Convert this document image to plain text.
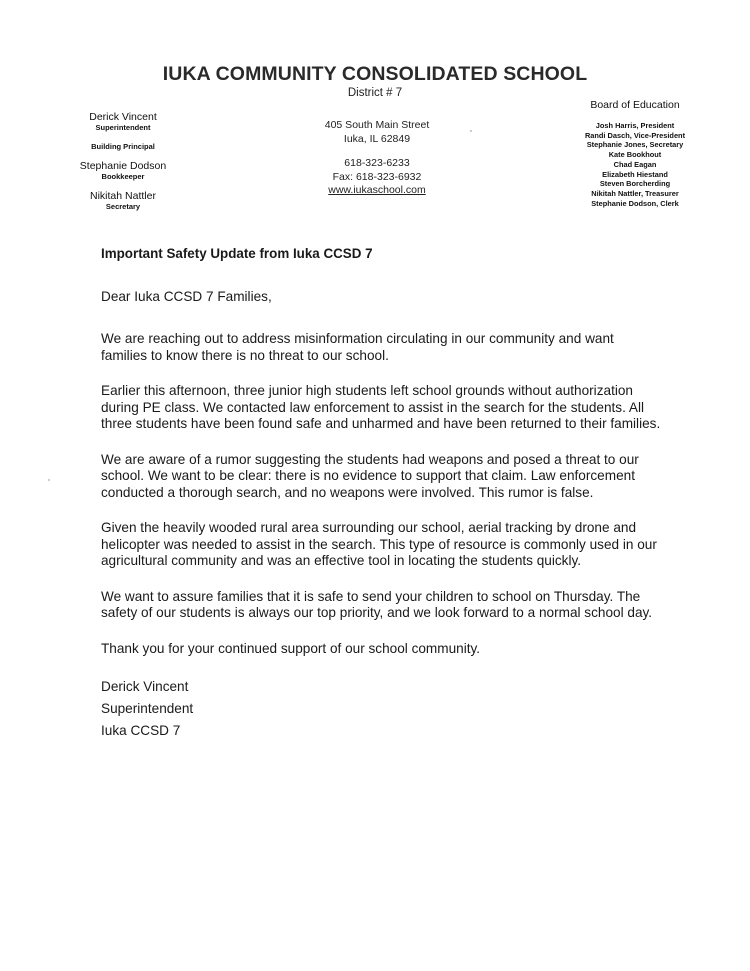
IUKA COMMUNITY CONSOLIDATED SCHOOL
District # 7
Derick Vincent
Superintendent
Building Principal
Stephanie Dodson
Bookkeeper
Nikitah Nattler
Secretary
405 South Main Street
Iuka, IL 62849
618-323-6233
Fax: 618-323-6932
www.iukaschool.com
Board of Education
Josh Harris, President
Randi Dasch, Vice-President
Stephanie Jones, Secretary
Kate Bookhout
Chad Eagan
Elizabeth Hiestand
Steven Borcherding
Nikitah Nattler, Treasurer
Stephanie Dodson, Clerk
Important Safety Update from Iuka CCSD 7

Dear Iuka CCSD 7 Families,

We are reaching out to address misinformation circulating in our community and want families to know there is no threat to our school.

Earlier this afternoon, three junior high students left school grounds without authorization during PE class. We contacted law enforcement to assist in the search for the students. All three students have been found safe and unharmed and have been returned to their families.

We are aware of a rumor suggesting the students had weapons and posed a threat to our school. We want to be clear: there is no evidence to support that claim. Law enforcement conducted a thorough search, and no weapons were involved. This rumor is false.

Given the heavily wooded rural area surrounding our school, aerial tracking by drone and helicopter was needed to assist in the search. This type of resource is commonly used in our agricultural community and was an effective tool in locating the students quickly.

We want to assure families that it is safe to send your children to school on Thursday. The safety of our students is always our top priority, and we look forward to a normal school day.

Thank you for your continued support of our school community.

Derick Vincent
Superintendent
Iuka CCSD 7
